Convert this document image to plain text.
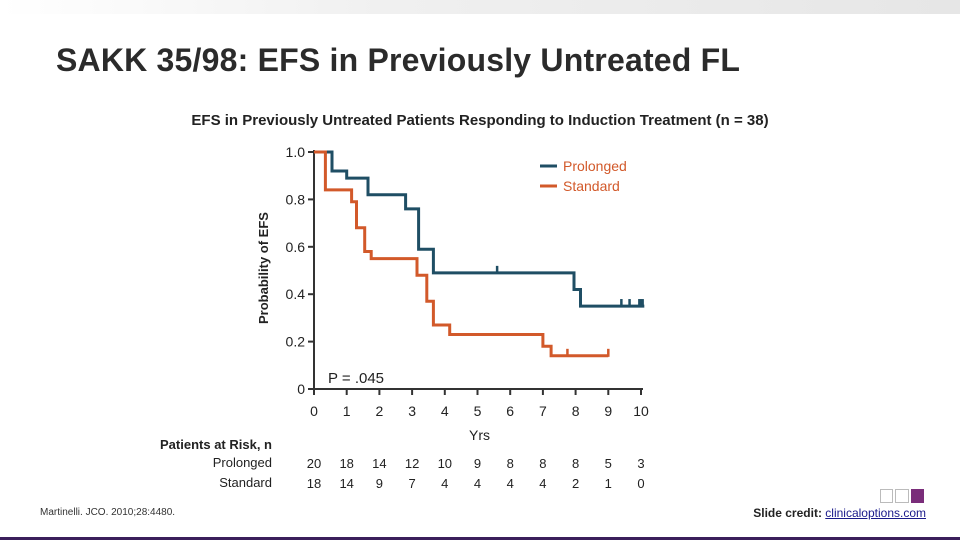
SAKK 35/98: EFS in Previously Untreated FL
EFS in Previously Untreated Patients Responding to Induction Treatment (n = 38)
0
0.2
0.4
0.6
0.8
1.0
0 1 2 3 4 5 6 7 8 9 10
Yrs
Probability of EFS
Prolonged
Standard
P = .045
20 18 14 12 10 9 8 8 8 5 3
18 14 9 7 4 4 4 4 2 1 0
Patients at Risk, n
Prolonged
Standard
Martinelli. JCO. 2010;28:4480.	Slide credit: clinicaloptions.com
